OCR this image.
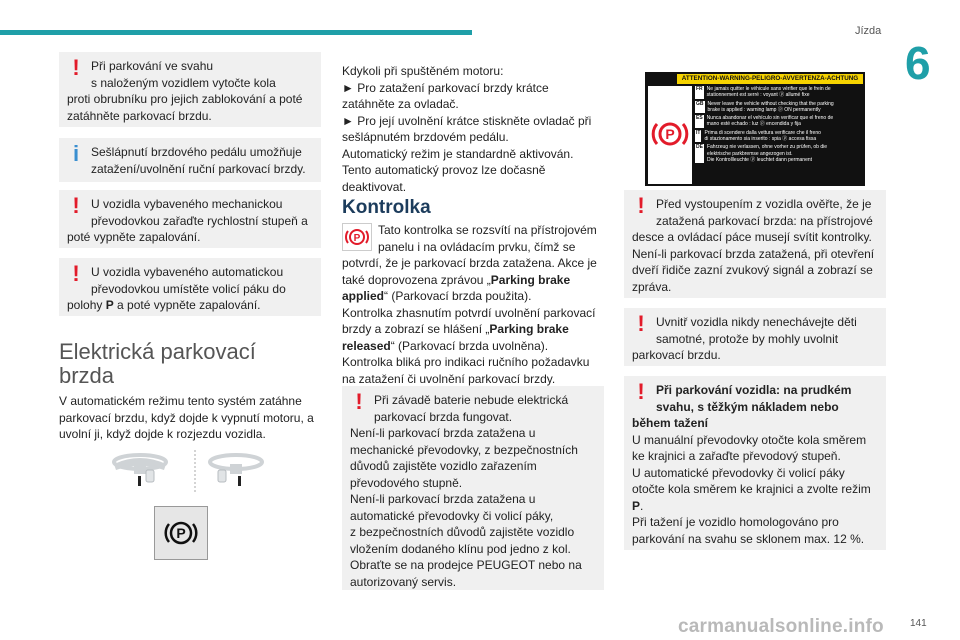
Jízda
6
! Při parkování ve svahu
s naloženým vozidlem vytočte kola

proti obrubníku pro jejich zablokování a poté
zatáhněte parkovací brzdu.

i Sešlápnutí brzdového pedálu umožňuje
zatažení/uvolnění ruční parkovací brzdy.

! U vozidla vybaveného mechanickou
převodovkou zařaďte rychlostní stupeň a

poté vypněte zapalování.

! U vozidla vybaveného automatickou
převodovkou umístěte volicí páku do

polohy P a poté vypněte zapalování.

Elektrická parkovací brzda

V automatickém režimu tento systém zatáhne

parkovací brzdu, když dojde k vypnutí motoru, a

uvolní ji, když dojde k rozjezdu vozidla.

P

Kdykoli při spuštěném motoru:

► Pro zatažení parkovací brzdy krátce

zatáhněte za ovladač.

► Pro její uvolnění krátce stiskněte ovladač při

sešlápnutém brzdovém pedálu.

Automatický režim je standardně aktivován.

Tento automatický provoz lze dočasně

deaktivovat.

Kontrolka
P

Tato kontrolka se rozsvítí na přístrojovém

panelu i na ovládacím prvku, čímž se

potvrdí, že je parkovací brzda zatažena. Akce je

také doprovozena zprávou „Parking brake

applied“ (Parkovací brzda použita).

Kontrolka zhasnutím potvrdí uvolnění parkovací

brzdy a zobrazí se hlášení „Parking brake

released“ (Parkovací brzda uvolněna).

Kontrolka bliká pro indikaci ručního požadavku

na zatažení či uvolnění parkovací brzdy.

! Při závadě baterie nebude elektrická
parkovací brzda fungovat.

Není-li parkovací brzda zatažena u
mechanické převodovky, z bezpečnostních
důvodů zajistěte vozidlo zařazením
převodového stupně.
Není-li parkovací brzda zatažena u
automatické převodovky či volicí páky,
z bezpečnostních důvodů zajistěte vozidlo
vložením dodaného klínu pod jedno z kol.
Obraťte se na prodejce PEUGEOT nebo na
autorizovaný servis.

ATTENTION-WARNING-PELIGRO-AVVERTENZA-ACHTUNG
P
FR Ne jamais quitter le véhicule sans vérifier que le frein de
stationnement est serré : voyant ⓟ allumé fixe
GB Never leave the vehicle without checking that the parking
brake is applied : warning lamp ⓟ ON permanently
ES Nunca abandonar el vehículo sin verificar que el freno de
mano esté echado : luz ⓟ encendida y fija
IT Prima di scendere dalla vettura verificare che il freno
di stazionamento sia inserito : spia ⓟ accesa fissa
DE Fahrzeug nie verlassen, ohne vorher zu prüfen, ob die
elektrische parkbremse angezogen ist.
Die Kontrollleuchte ⓟ leuchtet dann permanent
! Před vystoupením z vozidla ověřte, že je
zatažená parkovací brzda: na přístrojové

desce a ovládací páce musejí svítit kontrolky.
Není-li parkovací brzda zatažená, při otevření
dveří řidiče zazní zvukový signál a zobrazí se
zpráva.

! Uvnitř vozidla nikdy nenechávejte děti
samotné, protože by mohly uvolnit

parkovací brzdu.

! Při parkování vozidla: na prudkém
svahu, s těžkým nákladem nebo

během tažení
U manuální převodovky otočte kola směrem
ke krajnici a zařaďte převodový stupeň.
U automatické převodovky či volicí páky
otočte kola směrem ke krajnici a zvolte režim
P.
Při tažení je vozidlo homologováno pro
parkování na svahu se sklonem max. 12 %.

carmanualsonline.info	141
